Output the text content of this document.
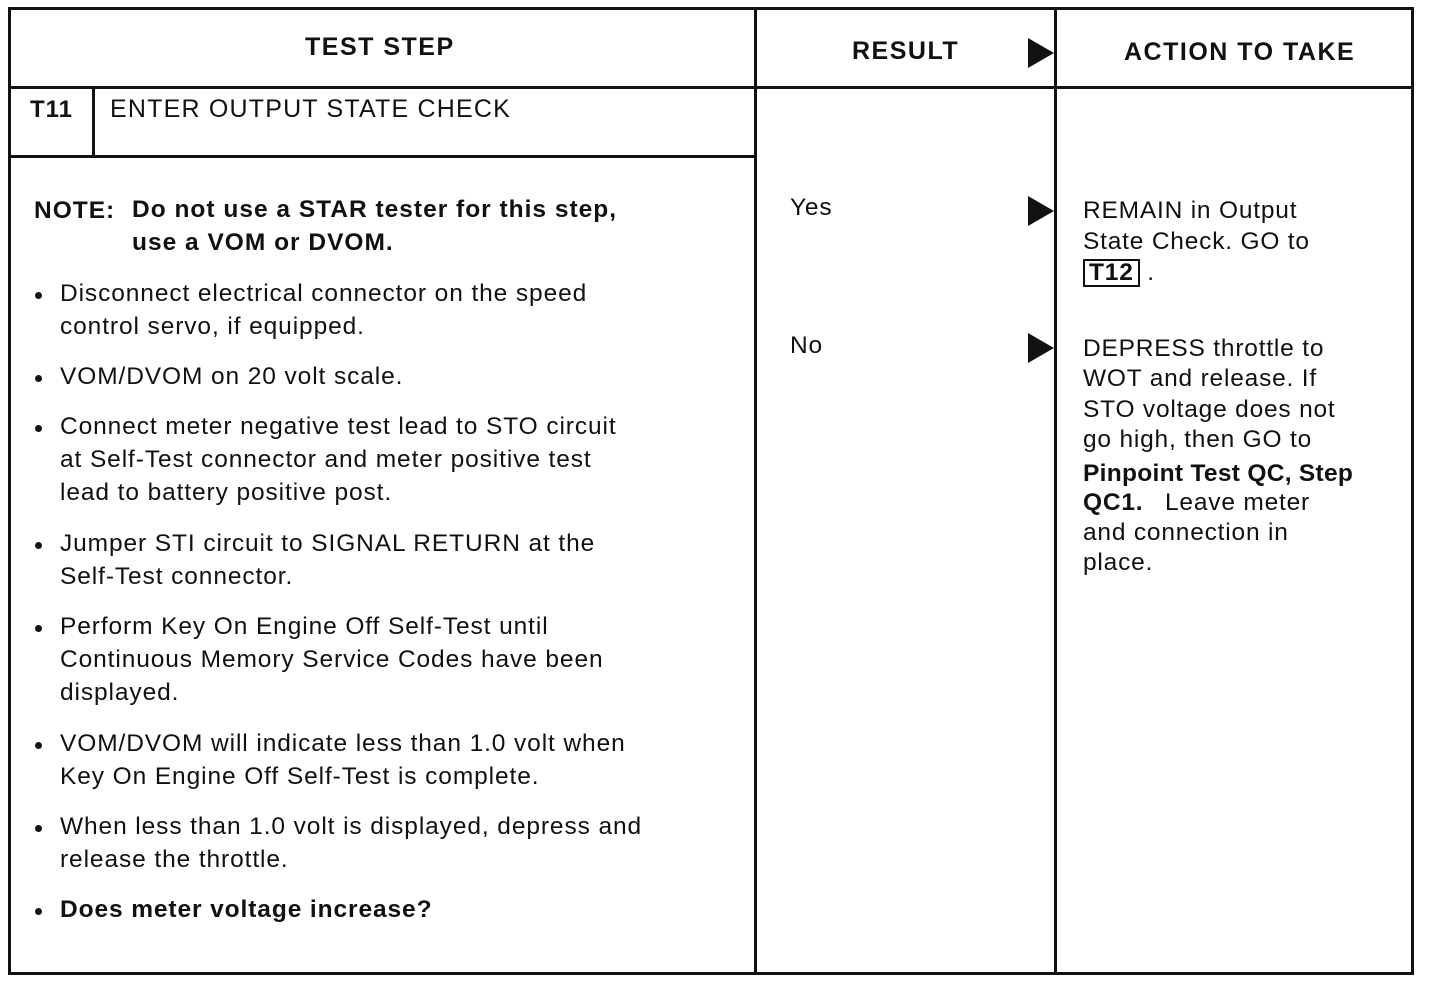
TEST STEP	RESULT	ACTION TO TAKE
T11 ENTER OUTPUT STATE CHECK
NOTE: Do not use a STAR tester for this step,
use a VOM or DVOM.
Disconnect electrical connector on the speed
control servo, if equipped.
VOM/DVOM on 20 volt scale.
Connect meter negative test lead to STO circuit
at Self-Test connector and meter positive test
lead to battery positive post.
Jumper STI circuit to SIGNAL RETURN at the
Self-Test connector.
Perform Key On Engine Off Self-Test until
Continuous Memory Service Codes have been
displayed.
VOM/DVOM will indicate less than 1.0 volt when
Key On Engine Off Self-Test is complete.
When less than 1.0 volt is displayed, depress and
release the throttle.
Does meter voltage increase?
Yes
No
REMAIN in Output
State Check. GO to
T12 .
DEPRESS throttle to
WOT and release. If
STO voltage does not
go high, then GO to
Pinpoint Test QC, Step
QC1. Leave meter
and connection in
place.
